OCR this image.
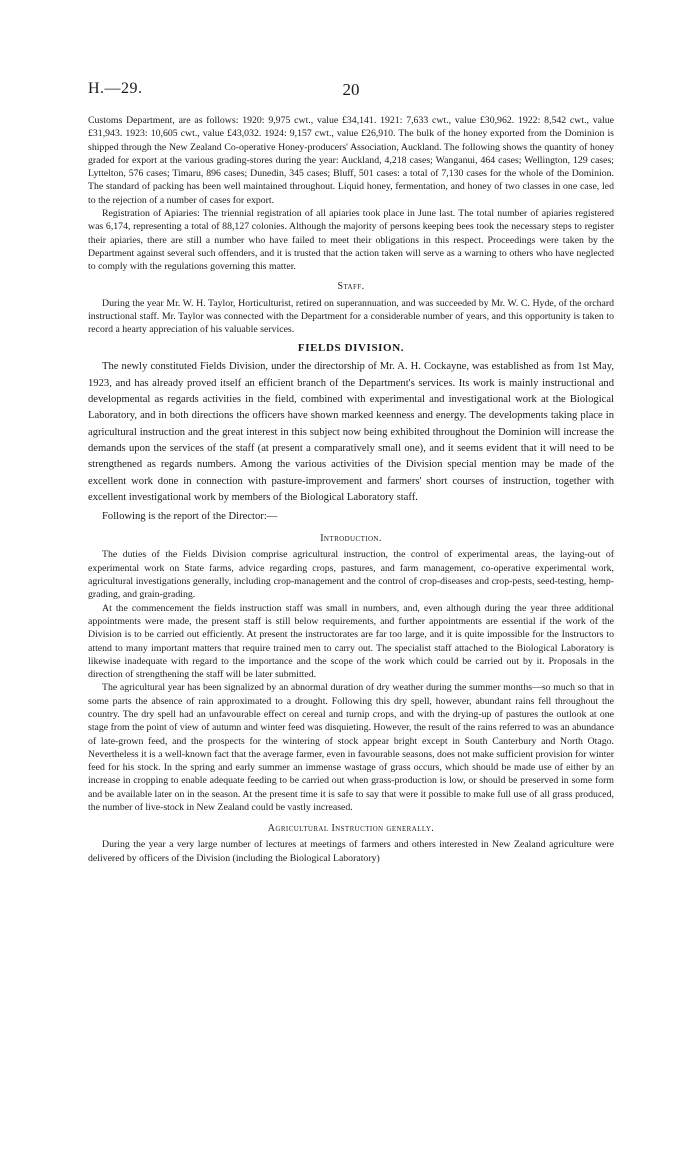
H.—29.	20

Customs Department, are as follows: 1920: 9,975 cwt., value £34,141. 1921: 7,633 cwt., value £30,962. 1922: 8,542 cwt., value £31,943. 1923: 10,605 cwt., value £43,032. 1924: 9,157 cwt., value £26,910. The bulk of the honey exported from the Dominion is shipped through the New Zealand Co-operative Honey-producers' Association, Auckland. The following shows the quantity of honey graded for export at the various grading-stores during the year: Auckland, 4,218 cases; Wanganui, 464 cases; Wellington, 129 cases; Lyttelton, 576 cases; Timaru, 896 cases; Dunedin, 345 cases; Bluff, 501 cases: a total of 7,130 cases for the whole of the Dominion. The standard of packing has been well maintained throughout. Liquid honey, fermentation, and honey of two classes in one case, led to the rejection of a number of cases for export.

Registration of Apiaries: The triennial registration of all apiaries took place in June last. The total number of apiaries registered was 6,174, representing a total of 88,127 colonies. Although the majority of persons keeping bees took the necessary steps to register their apiaries, there are still a number who have failed to meet their obligations in this respect. Proceedings were taken by the Department against several such offenders, and it is trusted that the action taken will serve as a warning to others who have neglected to comply with the regulations governing this matter.

Staff.

During the year Mr. W. H. Taylor, Horticulturist, retired on superannuation, and was succeeded by Mr. W. C. Hyde, of the orchard instructional staff. Mr. Taylor was connected with the Department for a considerable number of years, and this opportunity is taken to record a hearty appreciation of his valuable services.

FIELDS DIVISION.

The newly constituted Fields Division, under the directorship of Mr. A. H. Cockayne, was established as from 1st May, 1923, and has already proved itself an efficient branch of the Department's services. Its work is mainly instructional and developmental as regards activities in the field, combined with experimental and investigational work at the Biological Laboratory, and in both directions the officers have shown marked keenness and energy. The developments taking place in agricultural instruction and the great interest in this subject now being exhibited throughout the Dominion will increase the demands upon the services of the staff (at present a comparatively small one), and it seems evident that it will need to be strengthened as regards numbers. Among the various activities of the Division special mention may be made of the excellent work done in connection with pasture-improvement and farmers' short courses of instruction, together with excellent investigational work by members of the Biological Laboratory staff.

Following is the report of the Director:—

Introduction.

The duties of the Fields Division comprise agricultural instruction, the control of experimental areas, the laying-out of experimental work on State farms, advice regarding crops, pastures, and farm management, co-operative experimental work, agricultural investigations generally, including crop-management and the control of crop-diseases and crop-pests, seed-testing, hemp-grading, and grain-grading.

At the commencement the fields instruction staff was small in numbers, and, even although during the year three additional appointments were made, the present staff is still below requirements, and further appointments are essential if the work of the Division is to be carried out efficiently. At present the instructorates are far too large, and it is quite impossible for the Instructors to attend to many important matters that require trained men to carry out. The specialist staff attached to the Biological Laboratory is likewise inadequate with regard to the importance and the scope of the work which could be carried out by it. Proposals in the direction of strengthening the staff will be later submitted.

The agricultural year has been signalized by an abnormal duration of dry weather during the summer months—so much so that in some parts the absence of rain approximated to a drought. Following this dry spell, however, abundant rains fell throughout the country. The dry spell had an unfavourable effect on cereal and turnip crops, and with the drying-up of pastures the outlook at one stage from the point of view of autumn and winter feed was disquieting. However, the result of the rains referred to was an abundance of late-grown feed, and the prospects for the wintering of stock appear bright except in South Canterbury and North Otago. Nevertheless it is a well-known fact that the average farmer, even in favourable seasons, does not make sufficient provision for winter feed for his stock. In the spring and early summer an immense wastage of grass occurs, which should be made use of either by an increase in cropping to enable adequate feeding to be carried out when grass-production is low, or should be preserved in some form and be available later on in the season. At the present time it is safe to say that were it possible to make full use of all grass produced, the number of live-stock in New Zealand could be vastly increased.

Agricultural Instruction generally.

During the year a very large number of lectures at meetings of farmers and others interested in New Zealand agriculture were delivered by officers of the Division (including the Biological Laboratory)
